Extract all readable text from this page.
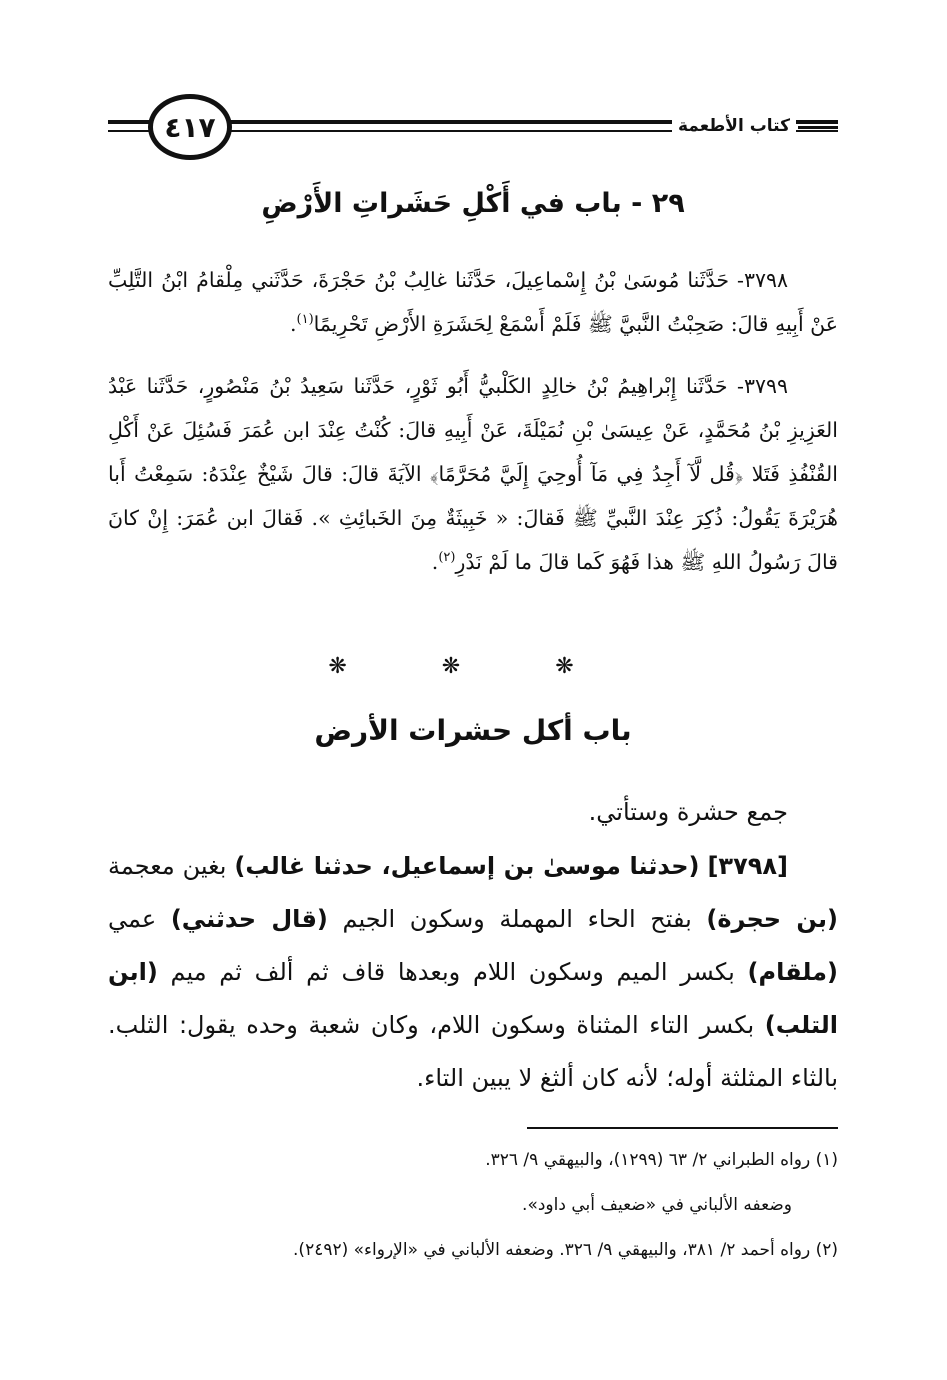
كتاب الأطعمة
٤١٧
٢٩ - باب في أَكْلِ حَشَراتِ الأَرْضِ

٣٧٩٨- حَدَّثَنا مُوسَىٰ بْنُ إِسْماعِيلَ، حَدَّثَنا غالِبُ بْنُ حَجْرَةَ، حَدَّثَني مِلْقامُ ابْنُ التَّلِبِّ عَنْ أَبِيهِ قالَ: صَحِبْتُ النَّبيَّ ﷺ فَلَمْ أَسْمَعْ لِحَشَرَةِ الأَرْضِ تَحْرِيمًا$^{(١)}$.

٣٧٩٩- حَدَّثَنا إِبْراهِيمُ بْنُ خالِدٍ الكَلْبيُّ أَبُو ثَوْرٍ، حَدَّثَنا سَعِيدُ بْنُ مَنْصُورٍ، حَدَّثَنا عَبْدُ العَزِيزِ بْنُ مُحَمَّدٍ، عَنْ عِيسَىٰ بْنِ نُمَيْلَةَ، عَنْ أَبِيهِ قالَ: كُنْتُ عِنْدَ ابن عُمَرَ فَسُئِلَ عَنْ أَكْلِ القُنْفُذِ فَتَلا ﴿قُل لَّآ أَجِدُ فِي مَآ أُوحِيَ إِلَيَّ مُحَرَّمًا﴾ الآيَةَ قالَ: قالَ شَيْخٌ عِنْدَهُ: سَمِعْتُ أَبا هُرَيْرَةَ يَقُولُ: ذُكِرَ عِنْدَ النَّبيِّ ﷺ فَقالَ: « خَبِيثَةٌ مِنَ الخَبائِثِ ». فَقالَ ابن عُمَرَ: إِنْ كانَ قالَ رَسُولُ اللهِ ﷺ هذا فَهُوَ كَما قالَ ما لَمْ نَدْرِ$^{(٢)}$.

❋ ❋ ❋
باب أكل حشرات الأرض

جمع حشرة وستأتي.

[٣٧٩٨] (حدثنا موسىٰ بن إسماعيل، حدثنا غالب) بغين معجمة (بن حجرة) بفتح الحاء المهملة وسكون الجيم (قال حدثني) عمي (ملقام) بكسر الميم وسكون اللام وبعدها قاف ثم ألف ثم ميم (ابن التلب) بكسر التاء المثناة وسكون اللام، وكان شعبة وحده يقول: الثلب. بالثاء المثلثة أوله؛ لأنه كان ألثغ لا يبين التاء.

(١) رواه الطبراني ٢/ ٦٣ (١٢٩٩)، والبيهقي ٩/ ٣٢٦.

وضعفه الألباني في «ضعيف أبي داود».

(٢) رواه أحمد ٢/ ٣٨١، والبيهقي ٩/ ٣٢٦. وضعفه الألباني في «الإرواء» (٢٤٩٢).
